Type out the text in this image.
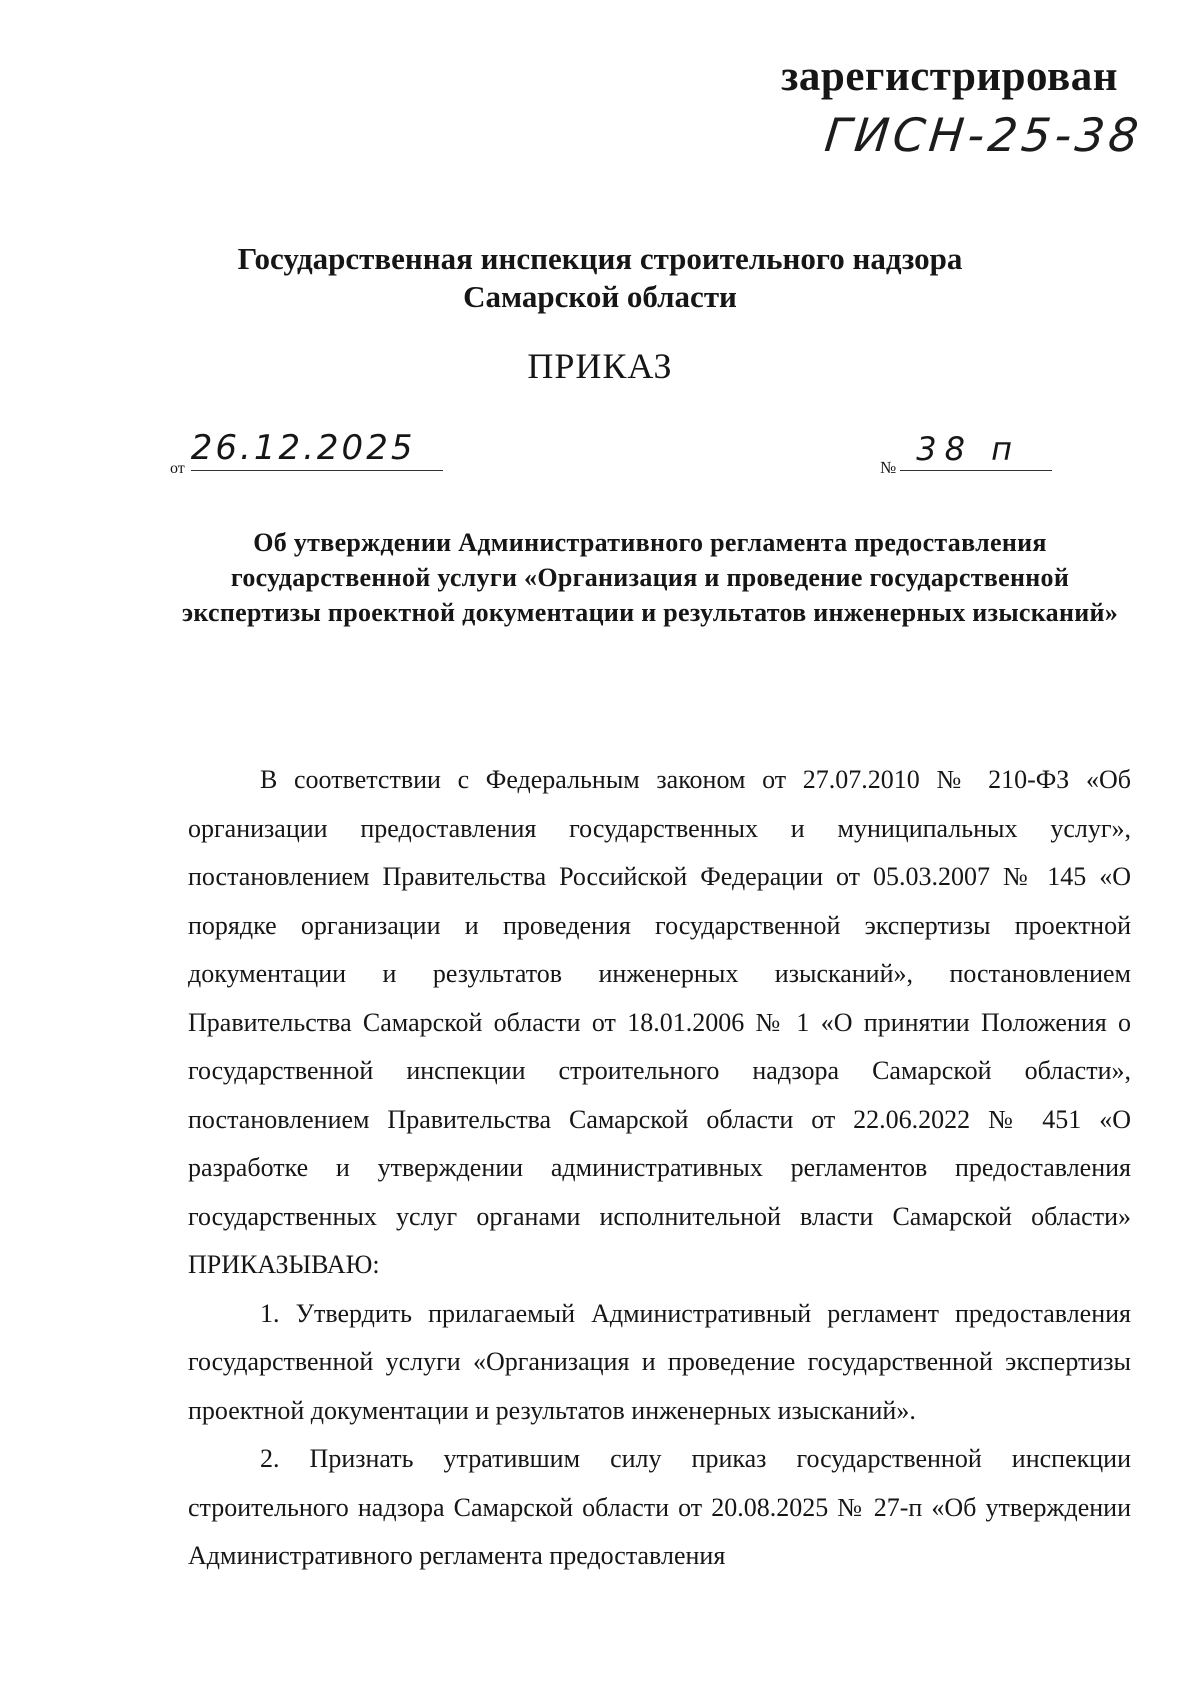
зарегистрирован
ГИСН-25-38
Государственная инспекция строительного надзора
Самарской области
ПРИКАЗ
от
26.12.2025	№ 38 п
Об утверждении Административного регламента предоставления государственной услуги «Организация и проведение государственной экспертизы проектной документации и результатов инженерных изысканий»

В соответствии с Федеральным законом от 27.07.2010 № 210-ФЗ «Об организации предоставления государственных и муниципальных услуг», постановлением Правительства Российской Федерации от 05.03.2007 № 145 «О порядке организации и проведения государственной экспертизы проектной документации и результатов инженерных изысканий», постановлением Правительства Самарской области от 18.01.2006 № 1 «О принятии Положения о государственной инспекции строительного надзора Самарской области», постановлением Правительства Самарской области от 22.06.2022 № 451 «О разработке и утверждении административных регламентов предоставления государственных услуг органами исполнительной власти Самарской области» ПРИКАЗЫВАЮ:

1. Утвердить прилагаемый Административный регламент предоставления государственной услуги «Организация и проведение государственной экспертизы проектной документации и результатов инженерных изысканий».

2. Признать утратившим силу приказ государственной инспекции строительного надзора Самарской области от 20.08.2025 № 27-п «Об утверждении Административного регламента предоставления
